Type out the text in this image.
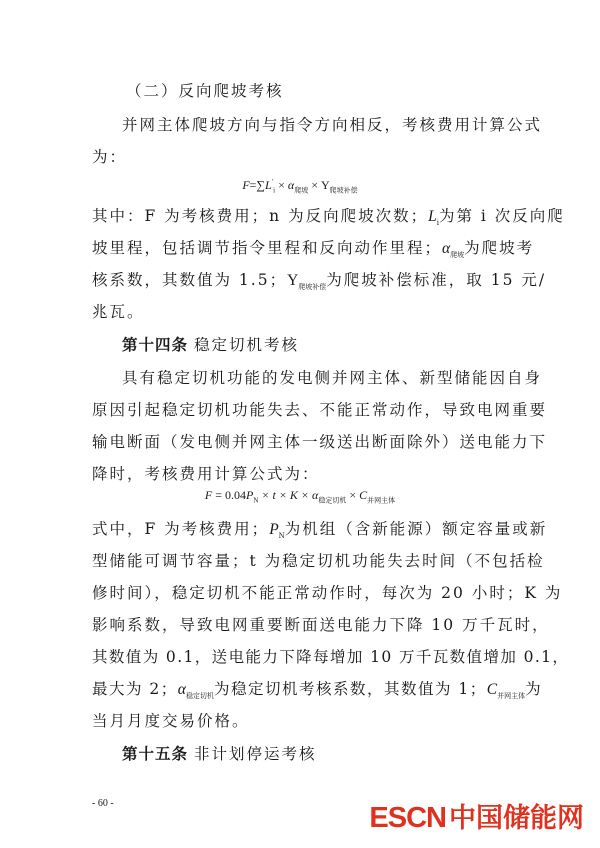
（二）反向爬坡考核
并网主体爬坡方向与指令方向相反，考核费用计算公式
为：
$F=\sum L'_i \times \alpha_{爬坡} \times Y_{爬坡补偿}$
其中：F 为考核费用；n 为反向爬坡次数；$L_i$为第 i 次反向爬
坡里程，包括调节指令里程和反向动作里程；$\alpha_{爬坡}$为爬坡考
核系数，其数值为 1.5；$Y_{爬坡补偿}$为爬坡补偿标准，取 15 元/
兆瓦。
第十四条 稳定切机考核
具有稳定切机功能的发电侧并网主体、新型储能因自身
原因引起稳定切机功能失去、不能正常动作，导致电网重要
输电断面（发电侧并网主体一级送出断面除外）送电能力下
降时，考核费用计算公式为：
$F = 0.04P_N \times t \times K \times \alpha_{稳定切机} \times C_{并网主体}$
式中，F 为考核费用；$P_N$为机组（含新能源）额定容量或新
型储能可调节容量；t 为稳定切机功能失去时间（不包括检
修时间），稳定切机不能正常动作时，每次为 20 小时；K 为
影响系数，导致电网重要断面送电能力下降 10 万千瓦时，
其数值为 0.1，送电能力下降每增加 10 万千瓦数值增加 0.1，
最大为 2；$\alpha_{稳定切机}$为稳定切机考核系数，其数值为 1；$C_{并网主体}$为
当月月度交易价格。
第十五条 非计划停运考核
- 60 -	ESCN 中国储能网
